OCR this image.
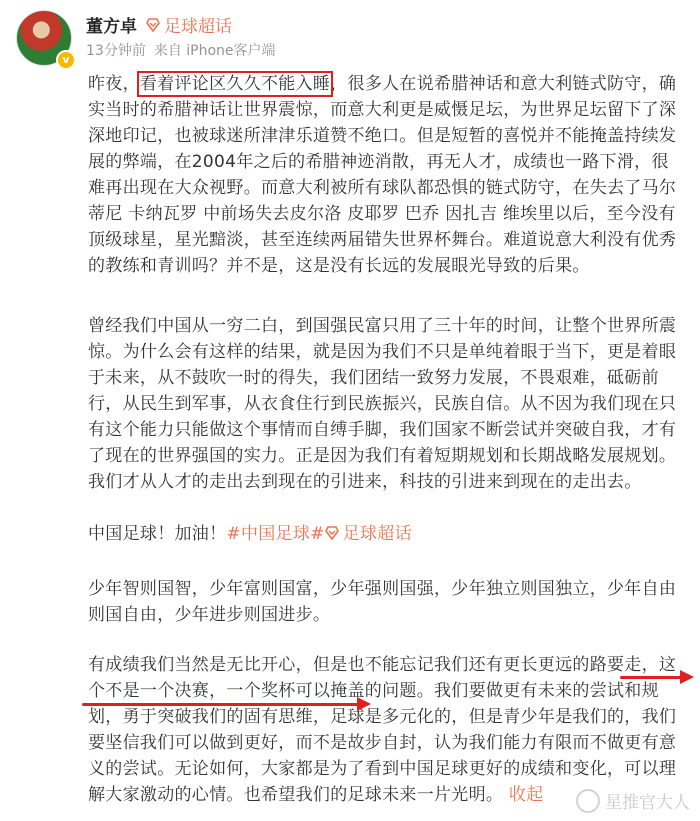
v
董方卓 足球超话
13分钟前 来自 iPhone客户端

昨夜，看着评论区久久不能入睡，很多人在说希腊神话和意大利链式防守，确实当时的希腊神话让世界震惊，而意大利更是威慑足坛，为世界足坛留下了深深地印记，也被球迷所津津乐道赞不绝口。但是短暂的喜悦并不能掩盖持续发展的弊端，在2004年之后的希腊神迹消散，再无人才，成绩也一路下滑，很难再出现在大众视野。而意大利被所有球队都恐惧的链式防守，在失去了马尔蒂尼 卡纳瓦罗 中前场失去皮尔洛 皮耶罗 巴乔 因扎吉 维埃里以后，至今没有顶级球星，星光黯淡，甚至连续两届错失世界杯舞台。难道说意大利没有优秀的教练和青训吗？并不是，这是没有长远的发展眼光导致的后果。

曾经我们中国从一穷二白，到国强民富只用了三十年的时间，让整个世界所震惊。为什么会有这样的结果，就是因为我们不只是单纯着眼于当下，更是着眼于未来，从不鼓吹一时的得失，我们团结一致努力发展，不畏艰难，砥砺前行，从民生到军事，从衣食住行到民族振兴，民族自信。从不因为我们现在只有这个能力只能做这个事情而自缚手脚，我们国家不断尝试并突破自我，才有了现在的世界强国的实力。正是因为我们有着短期规划和长期战略发展规划。我们才从人才的走出去到现在的引进来，科技的引进来到现在的走出去。

中国足球！加油！#中国足球# 足球超话

少年智则国智，少年富则国富，少年强则国强，少年独立则国独立，少年自由则国自由，少年进步则国进步。

有成绩我们当然是无比开心，但是也不能忘记我们还有更长更远的路要走，这个不是一个决赛，一个奖杯可以掩盖的问题。我们要做更有未来的尝试和规划，勇于突破我们的固有思维，足球是多元化的，但是青少年是我们的，我们要坚信我们可以做到更好，而不是故步自封，认为我们能力有限而不做更有意义的尝试。无论如何，大家都是为了看到中国足球更好的成绩和变化，可以理解大家激动的心情。也希望我们的足球未来一片光明。 收起	星推官大人
